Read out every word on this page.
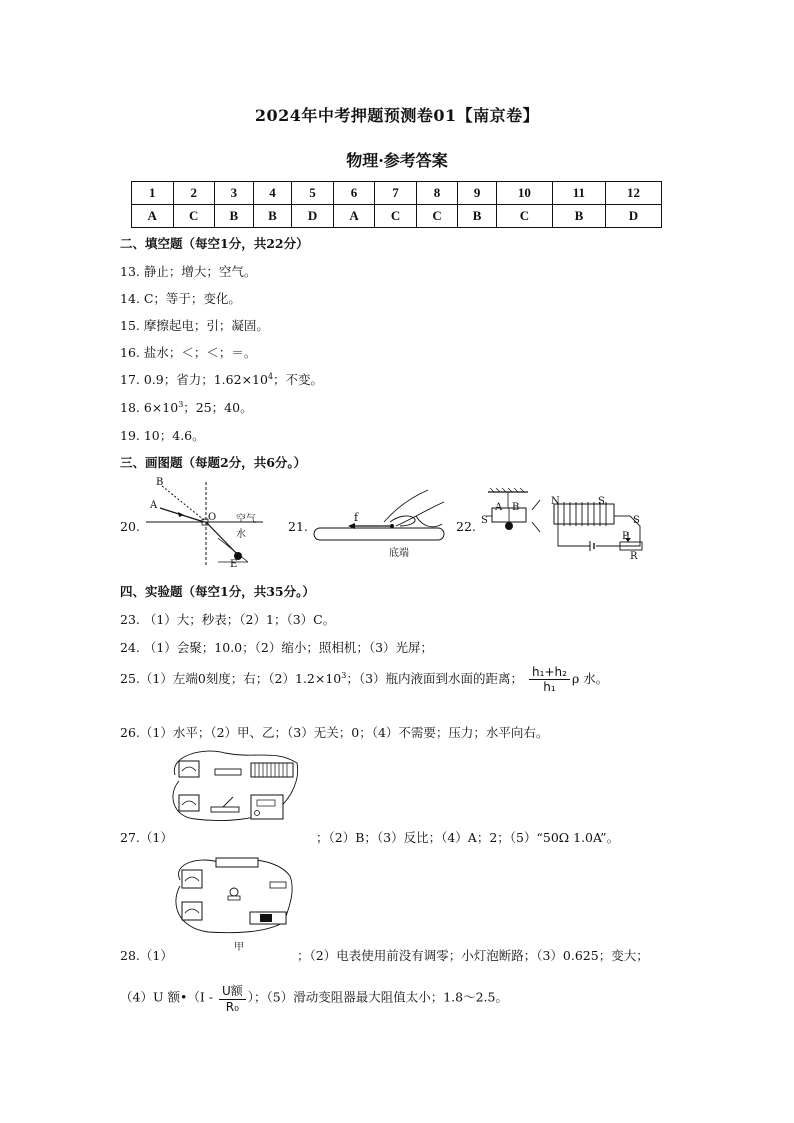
2024年中考押题预测卷01【南京卷】
物理·参考答案
1	2	3	4	5	6	7	8	9	10	11	12
A	C	B	B	D	A	C	C	B	C	B	D
二、填空题（每空1分，共22分）
13. 静止；增大；空气。
14. C；等于；变化。
15. 摩擦起电；引；凝固。
16. 盐水；＜；＜；＝。
17. 0.9；省力；$1.62\times 10^4$；不变。
18. $6\times 10^3$；25；40。
19. 10；4.6。
三、画图题（每题2分，共6分。）
20.
B
A
O 空气
水
E
21.
f
底端
22.
A B
S
N	S
S
P
R
四、实验题（每空1分，共35分。）
23. （1）大；秒表；（2）1；（3）C。
24. （1）会聚；10.0；（2）缩小；照相机；（3）光屏；
25.（1）左端0刻度；右；$(2)1.2\times 10^3$；（3）瓶内液面到水面的距离； $\frac{\text{h₁+h₂}}{\text{h₁}}$ ρ 水。
26.（1）水平；（2）甲、乙；（3）无关；0；（4）不需要；压力；水平向右。
27.（1）	；（2）B；（3）反比；（4）A；2；（5）“50Ω 1.0A”。
甲
28.（1）	；（2）电表使用前没有调零；小灯泡断路；（3）0.625；变大；
（4）U 额•（I - $\frac{\text{U额}}{\text{R₀}}$ ）；（5）滑动变阻器最大阻值太小；1.8～2.5。
